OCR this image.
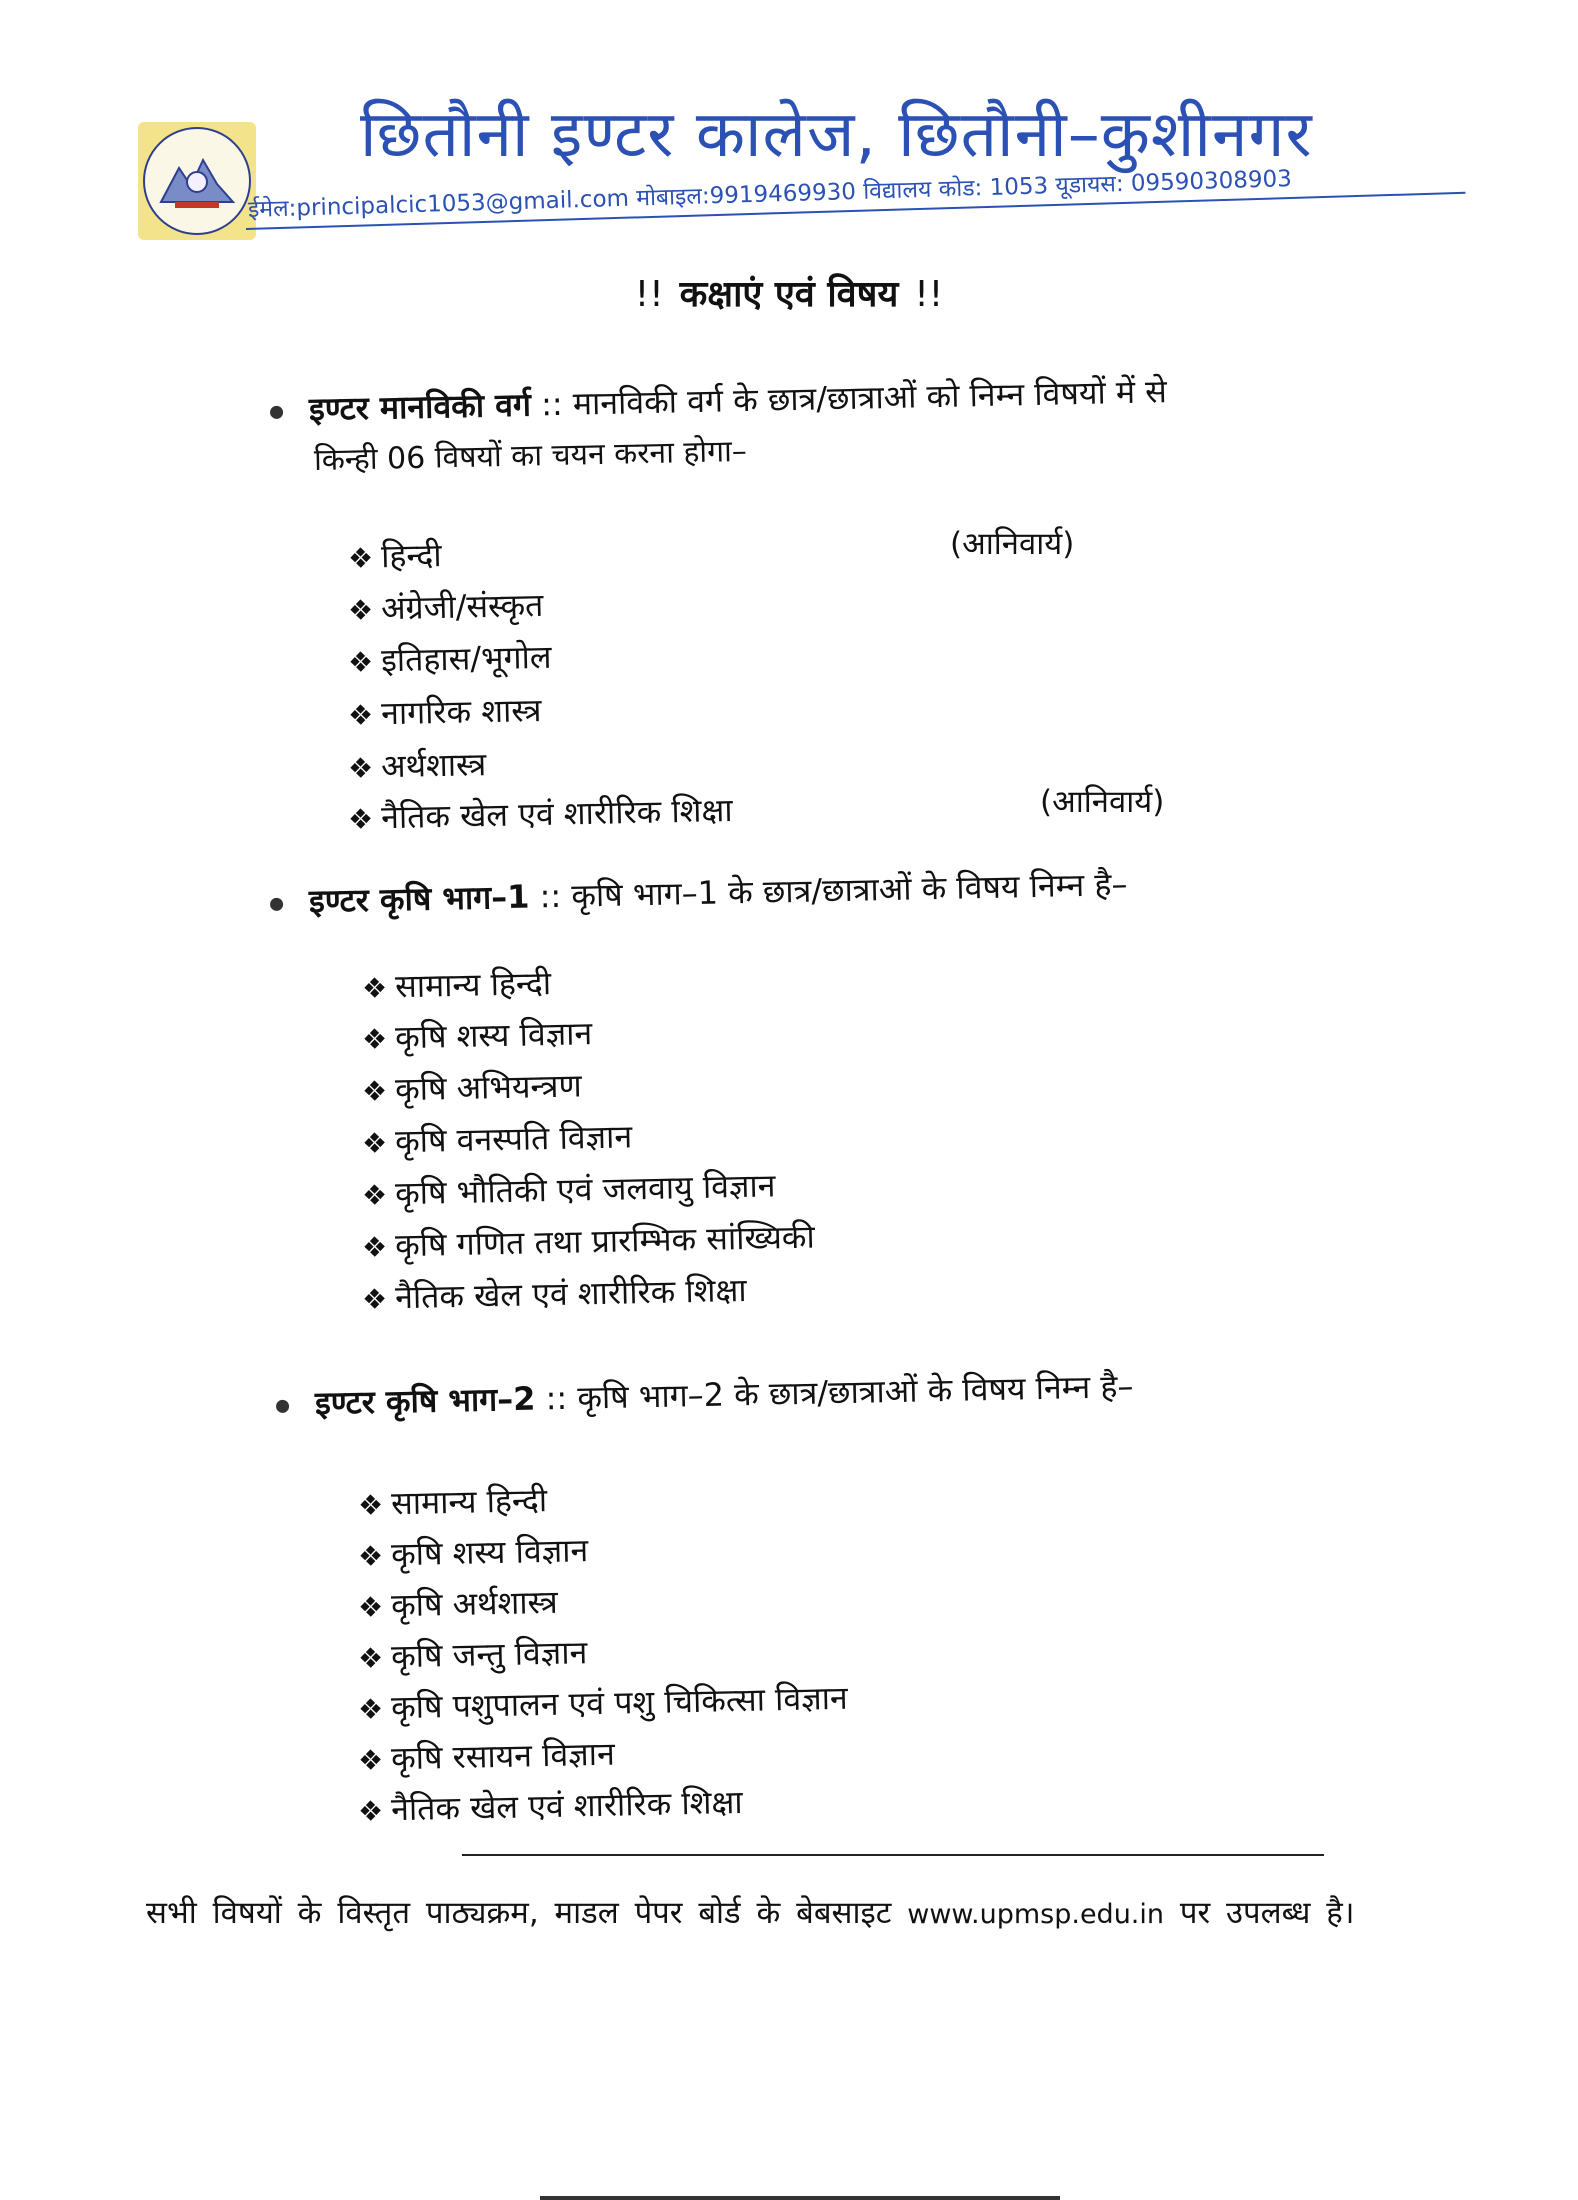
छितौनी इण्टर कालेज, छितौनी–कुशीनगर
ईमेल:principalcic1053@gmail.com मोबाइल:9919469930 विद्यालय कोड: 1053 यूडायस: 09590308903
!! कक्षाएं एवं विषय !!
इण्टर मानविकी वर्ग :: मानविकी वर्ग के छात्र/छात्राओं को निम्न विषयों में से
किन्ही 06 विषयों का चयन करना होगा–
❖ हिन्दी	(आनिवार्य)
❖ अंग्रेजी/संस्कृत
❖ इतिहास/भूगोल
❖ नागरिक शास्त्र
❖ अर्थशास्त्र
❖ नैतिक खेल एवं शारीरिक शिक्षा	(आनिवार्य)
इण्टर कृषि भाग–1 :: कृषि भाग–1 के छात्र/छात्राओं के विषय निम्न है–
❖ सामान्य हिन्दी
❖ कृषि शस्य विज्ञान
❖ कृषि अभियन्त्रण
❖ कृषि वनस्पति विज्ञान
❖ कृषि भौतिकी एवं जलवायु विज्ञान
❖ कृषि गणित तथा प्रारम्भिक सांख्यिकी
❖ नैतिक खेल एवं शारीरिक शिक्षा
इण्टर कृषि भाग–2 :: कृषि भाग–2 के छात्र/छात्राओं के विषय निम्न है–
❖ सामान्य हिन्दी
❖ कृषि शस्य विज्ञान
❖ कृषि अर्थशास्त्र
❖ कृषि जन्तु विज्ञान
❖ कृषि पशुपालन एवं पशु चिकित्सा विज्ञान
❖ कृषि रसायन विज्ञान
❖ नैतिक खेल एवं शारीरिक शिक्षा
सभी विषयों के विस्तृत पाठ्यक्रम, माडल पेपर बोर्ड के बेबसाइट www.upmsp.edu.in पर उपलब्ध है।
